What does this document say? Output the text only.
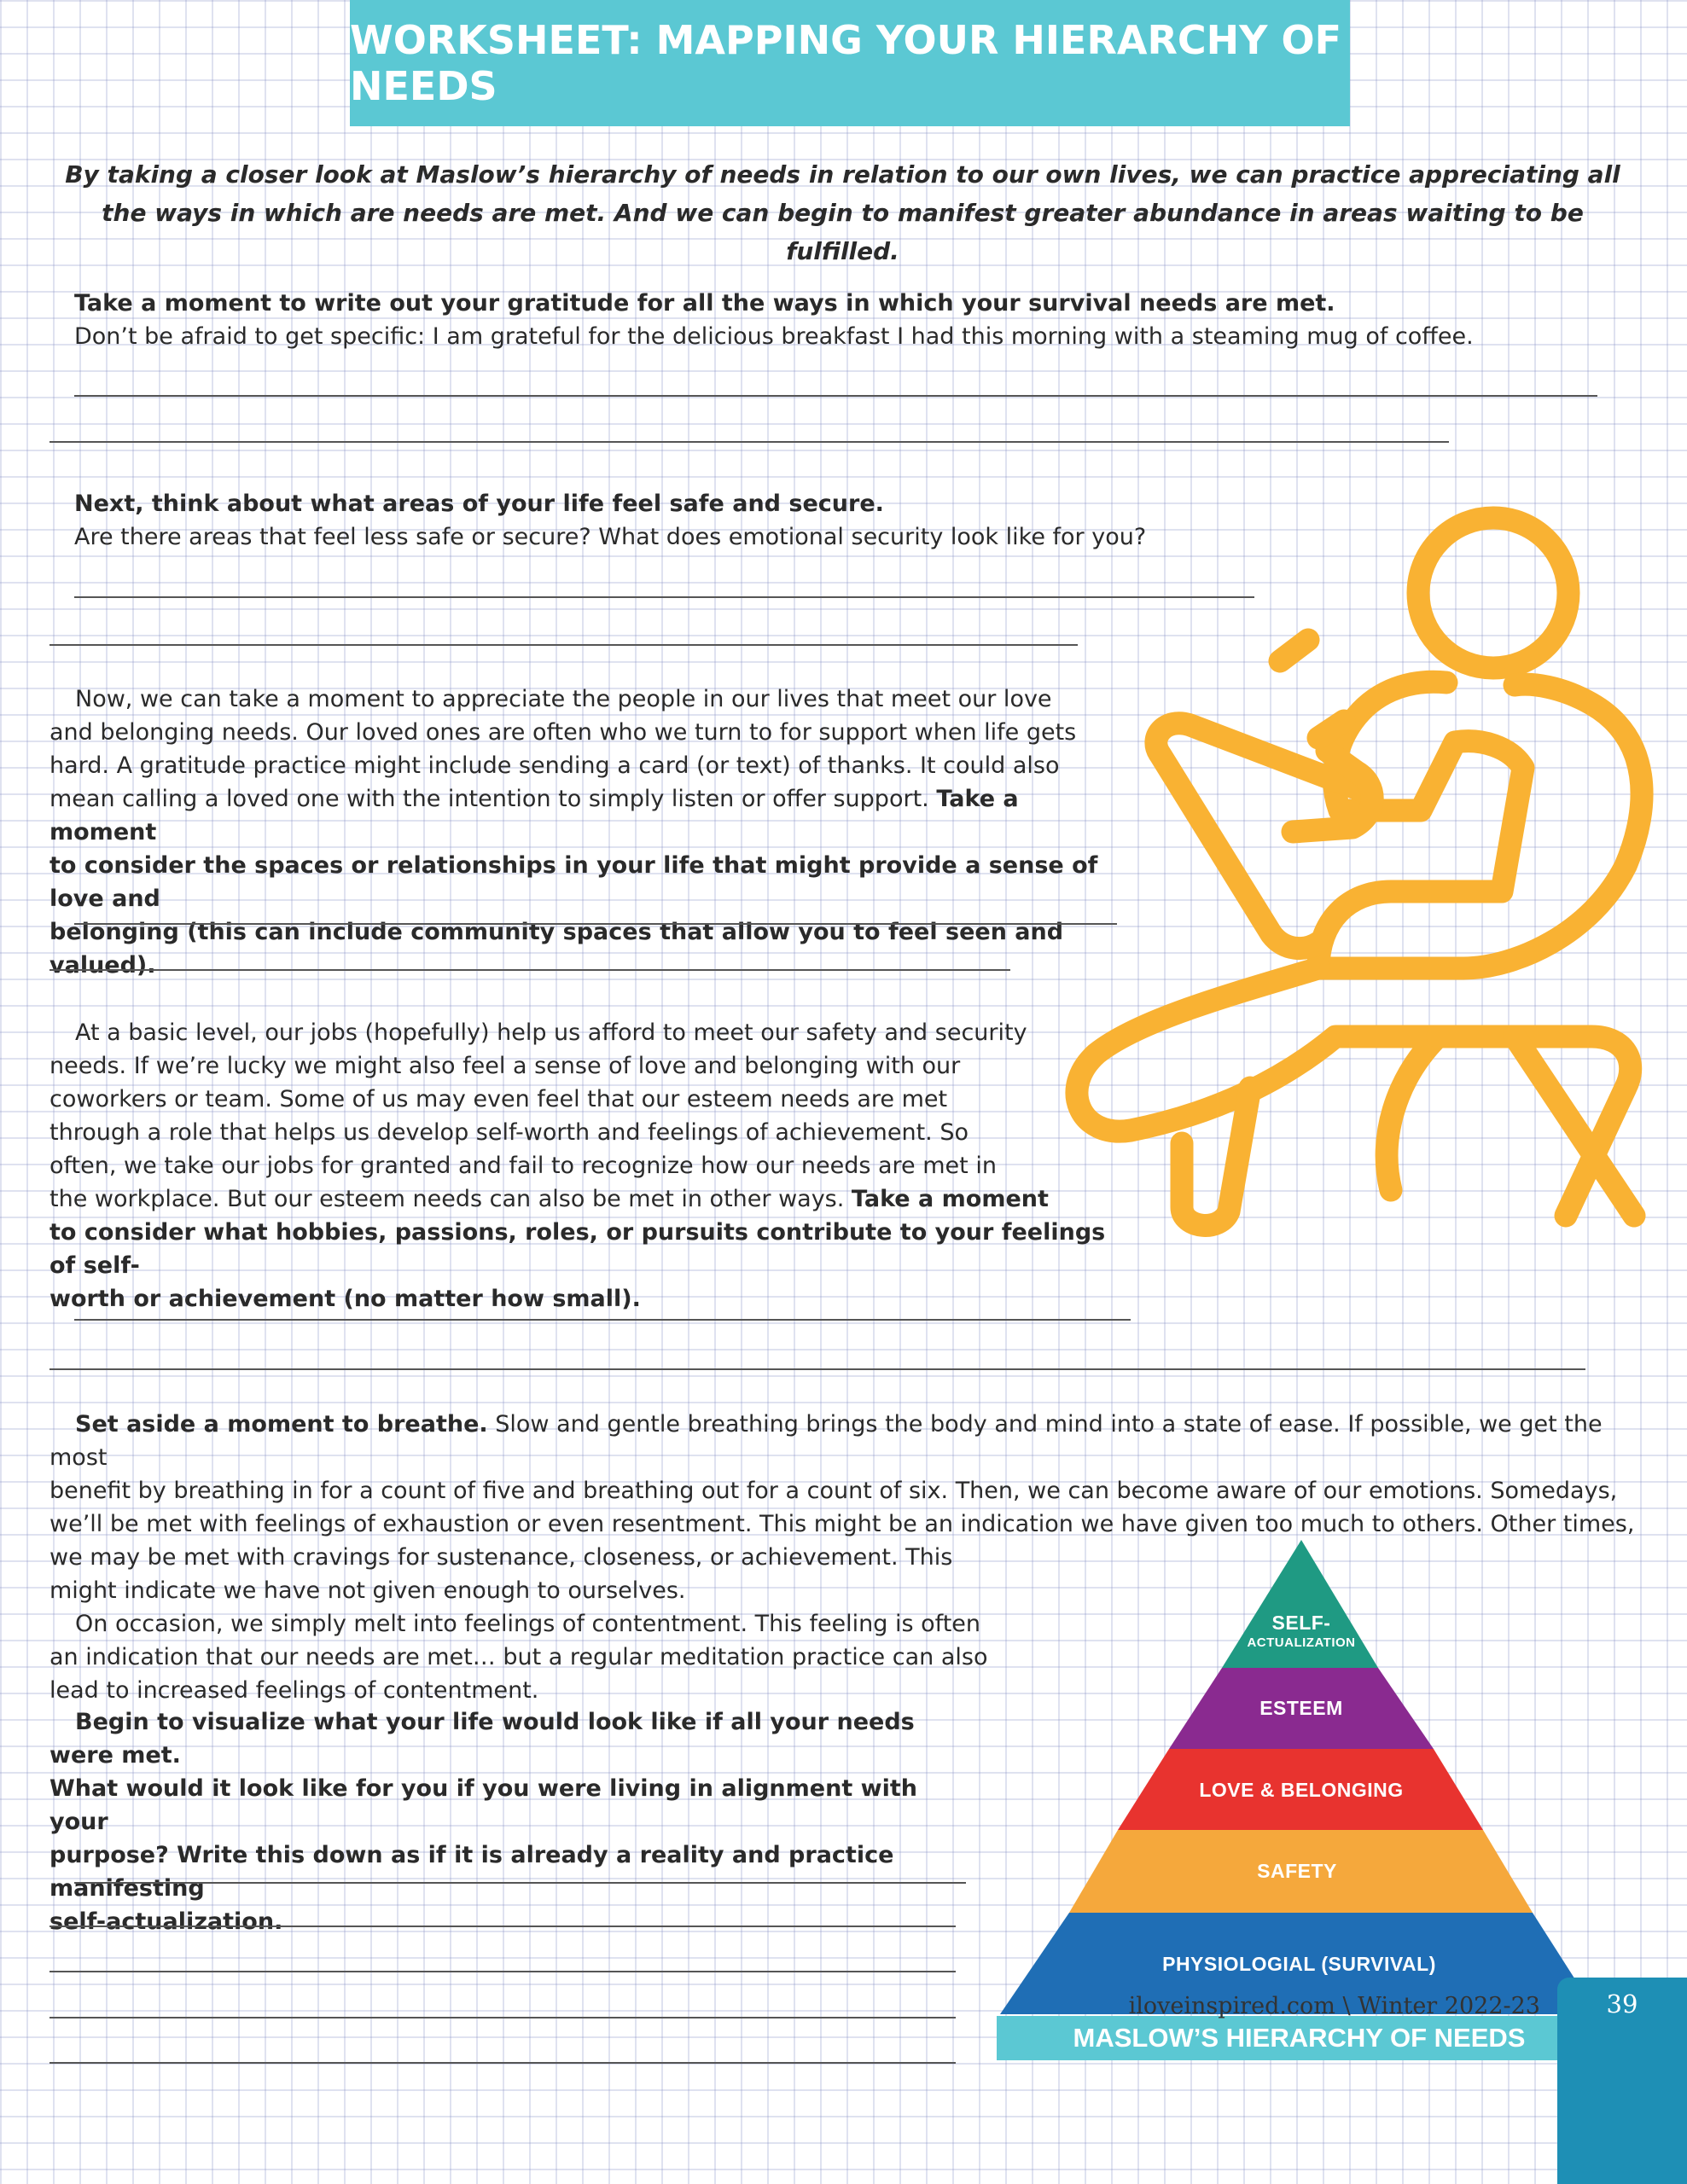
WORKSHEET: MAPPING YOUR HIERARCHY OF NEEDS
By taking a closer look at Maslow’s hierarchy of needs in relation to our own lives, we can practice appreciating all
the ways in which are needs are met. And we can begin to manifest greater abundance in areas waiting to be fulfilled.

Take a moment to write out your gratitude for all the ways in which your survival needs are met.

Don’t be afraid to get specific: I am grateful for the delicious breakfast I had this morning with a steaming mug of coffee.

Next, think about what areas of your life feel safe and secure.

Are there areas that feel less safe or secure? What does emotional security look like for you?

Now, we can take a moment to appreciate the people in our lives that meet our love

and belonging needs. Our loved ones are often who we turn to for support when life gets

hard. A gratitude practice might include sending a card (or text) of thanks. It could also

mean calling a loved one with the intention to simply listen or offer support. Take a moment

to consider the spaces or relationships in your life that might provide a sense of love and

belonging (this can include community spaces that allow you to feel seen and valued).

At a basic level, our jobs (hopefully) help us afford to meet our safety and security

needs. If we’re lucky we might also feel a sense of love and belonging with our

coworkers or team. Some of us may even feel that our esteem needs are met

through a role that helps us develop self-worth and feelings of achievement. So

often, we take our jobs for granted and fail to recognize how our needs are met in

the workplace. But our esteem needs can also be met in other ways. Take a moment

to consider what hobbies, passions, roles, or pursuits contribute to your feelings of self-

worth or achievement (no matter how small).

Set aside a moment to breathe. Slow and gentle breathing brings the body and mind into a state of ease. If possible, we get the most

benefit by breathing in for a count of five and breathing out for a count of six. Then, we can become aware of our emotions. Somedays,

we’ll be met with feelings of exhaustion or even resentment. This might be an indication we have given too much to others. Other times,

we may be met with cravings for sustenance, closeness, or achievement. This

might indicate we have not given enough to ourselves.

On occasion, we simply melt into feelings of contentment. This feeling is often

an indication that our needs are met… but a regular meditation practice can also

lead to increased feelings of contentment.

Begin to visualize what your life would look like if all your needs were met.

What would it look like for you if you were living in alignment with your

purpose? Write this down as if it is already a reality and practice manifesting

self-actualization.

SELF-
ACTUALIZATION
ESTEEM
LOVE & BELONGING
SAFETY
PHYSIOLOGIAL (SURVIVAL)
MASLOW’S HIERARCHY OF NEEDS
iloveinspired.com \ Winter 2022-23	39
